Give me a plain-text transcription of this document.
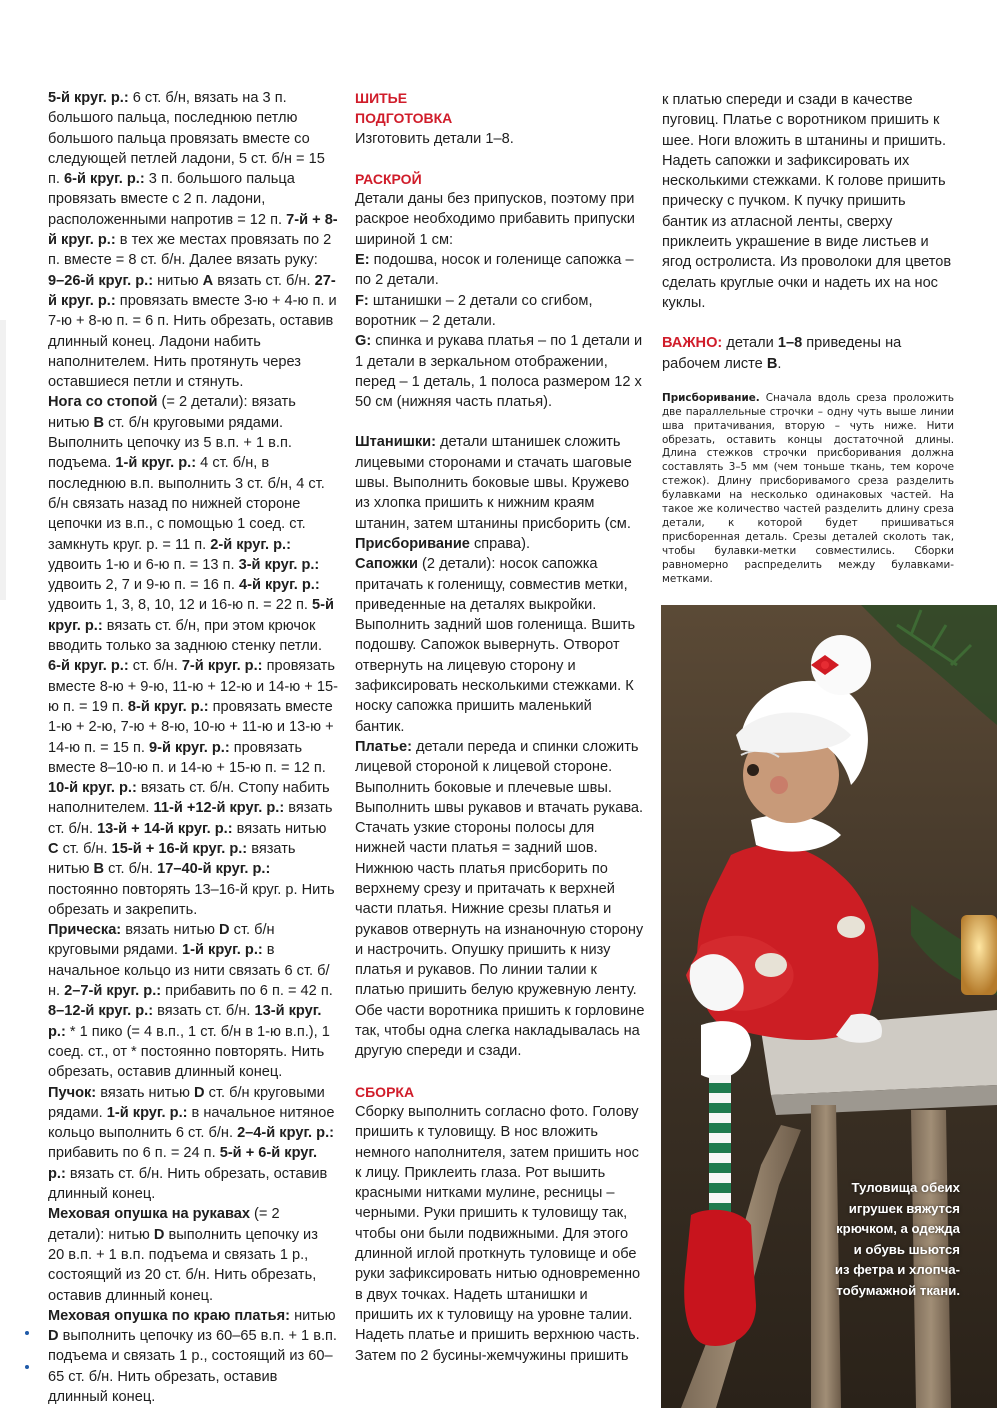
5-й круг. р.: 6 ст. б/н, вязать на 3 п. большого пальца, последнюю петлю большого пальца провязать вместе со следующей петлей ладони, 5 ст. б/н = 15 п. 6-й круг. р.: 3 п. большого пальца провязать вместе с 2 п. ладони, расположенными напротив = 12 п. 7-й + 8-й круг. р.: в тех же местах провязать по 2 п. вместе = 8 ст. б/н. Далее вязать руку: 9–26-й круг. р.: нитью A вязать ст. б/н. 27-й круг. р.: провязать вместе 3-ю + 4-ю п. и 7-ю + 8-ю п. = 6 п. Нить обрезать, оставив длинный конец. Ладони набить наполнителем. Нить протянуть через оставшиеся петли и стянуть.

Нога со стопой (= 2 детали): вязать нитью B ст. б/н круговыми рядами. Выполнить цепочку из 5 в.п. + 1 в.п. подъема. 1-й круг. р.: 4 ст. б/н, в последнюю в.п. выполнить 3 ст. б/н, 4 ст. б/н связать назад по нижней стороне цепочки из в.п., с помощью 1 соед. ст. замкнуть круг. р. = 11 п. 2-й круг. р.: удвоить 1-ю и 6-ю п. = 13 п. 3-й круг. р.: удвоить 2, 7 и 9-ю п. = 16 п. 4-й круг. р.: удвоить 1, 3, 8, 10, 12 и 16-ю п. = 22 п. 5-й круг. р.: вязать ст. б/н, при этом крючок вводить только за заднюю стенку петли. 6-й круг. р.: ст. б/н. 7-й круг. р.: провязать вместе 8-ю + 9-ю, 11-ю + 12-ю и 14-ю + 15-ю п. = 19 п. 8-й круг. р.: провязать вместе 1-ю + 2-ю, 7-ю + 8-ю, 10-ю + 11-ю и 13-ю + 14-ю п. = 15 п. 9-й круг. р.: провязать вместе 8–10-ю п. и 14-ю + 15-ю п. = 12 п. 10-й круг. р.: вязать ст. б/н. Стопу набить наполнителем. 11-й +12-й круг. р.: вязать ст. б/н. 13-й + 14-й круг. р.: вязать нитью C ст. б/н. 15-й + 16-й круг. р.: вязать нитью B ст. б/н. 17–40-й круг. р.: постоянно повторять 13–16-й круг. р. Нить обрезать и закрепить.

Прическа: вязать нитью D ст. б/н круговыми рядами. 1-й круг. р.: в начальное кольцо из нити связать 6 ст. б/н. 2–7-й круг. р.: прибавить по 6 п. = 42 п. 8–12-й круг. р.: вязать ст. б/н. 13-й круг. р.: * 1 пико (= 4 в.п., 1 ст. б/н в 1-ю в.п.), 1 соед. ст., от * постоянно повторять. Нить обрезать, оставив длинный конец.

Пучок: вязать нитью D ст. б/н круговыми рядами. 1-й круг. р.: в начальное нитяное кольцо выполнить 6 ст. б/н. 2–4-й круг. р.: прибавить по 6 п. = 24 п. 5-й + 6-й круг. р.: вязать ст. б/н. Нить обрезать, оставив длинный конец.

Меховая опушка на рукавах (= 2 детали): нитью D выполнить цепочку из 20 в.п. + 1 в.п. подъема и связать 1 р., состоящий из 20 ст. б/н. Нить обрезать, оставив длинный конец.

Меховая опушка по краю платья: нитью D выполнить цепочку из 60–65 в.п. + 1 в.п. подъема и связать 1 р., состоящий из 60–65 ст. б/н. Нить обрезать, оставив длинный конец.

ШИТЬЕ
ПОДГОТОВКА

Изготовить детали 1–8.

РАСКРОЙ

Детали даны без припусков, поэтому при раскрое необходимо прибавить припуски шириной 1 см:

E: подошва, носок и голенище сапожка – по 2 детали.

F: штанишки – 2 детали со сгибом, воротник – 2 детали.

G: спинка и рукава платья – по 1 детали и 1 детали в зеркальном отображении, перед – 1 деталь, 1 полоса размером 12 x 50 см (нижняя часть платья).

Штанишки: детали штанишек сложить лицевыми сторонами и стачать шаговые швы. Выполнить боковые швы. Кружево из хлопка пришить к нижним краям штанин, затем штанины присборить (см. Присборивание справа).

Сапожки (2 детали): носок сапожка притачать к голенищу, совместив метки, приведенные на деталях выкройки. Выполнить задний шов голенища. Вшить подошву. Сапожок вывернуть. Отворот отвернуть на лицевую сторону и зафиксировать несколькими стежками. К носку сапожка пришить маленький бантик.

Платье: детали переда и спинки сложить лицевой стороной к лицевой стороне. Выполнить боковые и плечевые швы. Выполнить швы рукавов и втачать рукава. Стачать узкие стороны полосы для нижней части платья = задний шов. Нижнюю часть платья присборить по верхнему срезу и притачать к верхней части платья. Нижние срезы платья и рукавов отвернуть на изнаночную сторону и настрочить. Опушку пришить к низу платья и рукавов. По линии талии к платью пришить белую кружевную ленту. Обе части воротника пришить к горловине так, чтобы одна слегка накладывалась на другую спереди и сзади.

СБОРКА

Сборку выполнить согласно фото. Голову пришить к туловищу. В нос вложить немного наполнителя, затем пришить нос к лицу. Приклеить глаза. Рот вышить красными нитками мулине, ресницы – черными. Руки пришить к туловищу так, чтобы они были подвижными. Для этого длинной иглой проткнуть туловище и обе руки зафиксировать нитью одновременно в двух точках. Надеть штанишки и пришить их к туловищу на уровне талии. Надеть платье и пришить верхнюю часть. Затем по 2 бусины-жемчужины пришить

к платью спереди и сзади в качестве пуговиц. Платье с воротником пришить к шее. Ноги вложить в штанины и пришить. Надеть сапожки и зафиксировать их несколькими стежками. К голове пришить прическу с пучком. К пучку пришить бантик из атласной ленты, сверху приклеить украшение в виде листьев и ягод остролиста. Из проволоки для цветов сделать круглые очки и надеть их на нос куклы.

ВАЖНО: детали 1–8 приведены на рабочем листе B.

Присборивание. Сначала вдоль среза проложить две параллельные строчки – одну чуть выше линии шва притачивания, вторую – чуть ниже. Нити обрезать, оставить концы достаточной длины. Длина стежков строчки присборивания должна составлять 3–5 мм (чем тоньше ткань, тем короче стежок). Длину присборивамого среза разделить булавками на несколько одинаковых частей. На такое же количество частей разделить длину среза детали, к которой будет пришиваться присборенная деталь. Срезы деталей сколоть так, чтобы булавки-метки совместились. Сборки равномерно распределить между булавками-метками.

Туловища обеих
игрушек вяжутся
крючком, а одежда
и обувь шьются
из фетра и хлопча-
тобумажной ткани.
